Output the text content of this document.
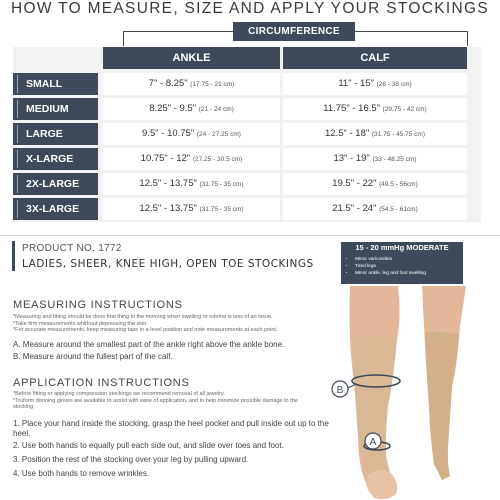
HOW TO MEASURE, SIZE AND APPLY YOUR STOCKINGS
CIRCUMFERENCE
ANKLE	CALF
SMALL	7" - 8.25" (17.75 - 21 cm)	11" - 15" (28 - 38 cm)
MEDIUM	8.25" - 9.5" (21 - 24 cm)	11.75" - 16.5" (29.75 - 42 cm)
LARGE	9.5" - 10.75" (24 - 27.25 cm)	12.5" - 18" (31.75 - 45.75 cm)
X-LARGE	10.75" - 12" (27.25 - 30.5 cm)	13" - 19" (33 - 48.25 cm)
2X-LARGE	12.5" - 13.75" (31.75 - 35 cm)	19.5" - 22" (49.5 - 56cm)
3X-LARGE	12.5" - 13.75" (31.75 - 35 cm)	21.5" - 24" (54.5 - 61cm)
PRODUCT NO. 1772
LADIES, SHEER, KNEE HIGH, OPEN TOE STOCKINGS
15 - 20 mmHg MODERATE
• Minor varicosities
• Tired legs
• Minor ankle, leg and foot swelling
MEASURING INSTRUCTIONS
*Measuring and fitting should be done first thing in the morning when swelling or edema is less of an issue.
*Take firm measurements whithout depressing the skin.
*For accurate measurements, keep measuring tape in a level position and note measurements at each point.
A. Measure around the smallest part of the ankle right above the ankle bone.
B. Measure around the fullest part of the calf.
APPLICATION INSTRUCTIONS
*Before fitting or applying compression stockings we recommend removal of all jewelry.
*Truform donning gloves are available to assist with ease of application, and to help minimize possible damage to the stocking.
1. Place your hand inside the stocking, grasp the heel pocket and pull inside out up to the heel.
2. Use both hands to equally pull each side out, and slide over toes and foot.
3. Position the rest of the stocking over your leg by pulling upward.
4. Use both hands to remove wrinkles.
B
A
